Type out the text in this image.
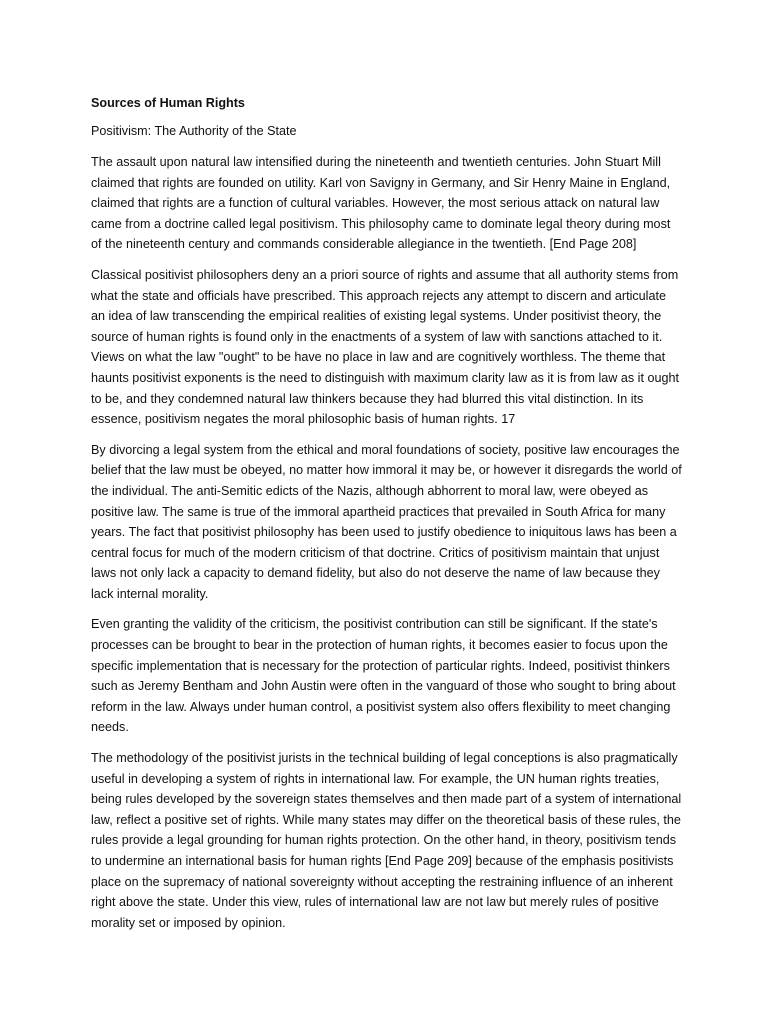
Sources of Human Rights
Positivism: The Authority of the State

The assault upon natural law intensified during the nineteenth and twentieth centuries. John Stuart Mill claimed that rights are founded on utility. Karl von Savigny in Germany, and Sir Henry Maine in England, claimed that rights are a function of cultural variables. However, the most serious attack on natural law came from a doctrine called legal positivism. This philosophy came to dominate legal theory during most of the nineteenth century and commands considerable allegiance in the twentieth. [End Page 208]

Classical positivist philosophers deny an a priori source of rights and assume that all authority stems from what the state and officials have prescribed. This approach rejects any attempt to discern and articulate an idea of law transcending the empirical realities of existing legal systems. Under positivist theory, the source of human rights is found only in the enactments of a system of law with sanctions attached to it. Views on what the law "ought" to be have no place in law and are cognitively worthless. The theme that haunts positivist exponents is the need to distinguish with maximum clarity law as it is from law as it ought to be, and they condemned natural law thinkers because they had blurred this vital distinction. In its essence, positivism negates the moral philosophic basis of human rights. 17

By divorcing a legal system from the ethical and moral foundations of society, positive law encourages the belief that the law must be obeyed, no matter how immoral it may be, or however it disregards the world of the individual. The anti-Semitic edicts of the Nazis, although abhorrent to moral law, were obeyed as positive law. The same is true of the immoral apartheid practices that prevailed in South Africa for many years. The fact that positivist philosophy has been used to justify obedience to iniquitous laws has been a central focus for much of the modern criticism of that doctrine. Critics of positivism maintain that unjust laws not only lack a capacity to demand fidelity, but also do not deserve the name of law because they lack internal morality.

Even granting the validity of the criticism, the positivist contribution can still be significant. If the state's processes can be brought to bear in the protection of human rights, it becomes easier to focus upon the specific implementation that is necessary for the protection of particular rights. Indeed, positivist thinkers such as Jeremy Bentham and John Austin were often in the vanguard of those who sought to bring about reform in the law. Always under human control, a positivist system also offers flexibility to meet changing needs.

The methodology of the positivist jurists in the technical building of legal conceptions is also pragmatically useful in developing a system of rights in international law. For example, the UN human rights treaties, being rules developed by the sovereign states themselves and then made part of a system of international law, reflect a positive set of rights. While many states may differ on the theoretical basis of these rules, the rules provide a legal grounding for human rights protection. On the other hand, in theory, positivism tends to undermine an international basis for human rights [End Page 209] because of the emphasis positivists place on the supremacy of national sovereignty without accepting the restraining influence of an inherent right above the state. Under this view, rules of international law are not law but merely rules of positive morality set or imposed by opinion.
